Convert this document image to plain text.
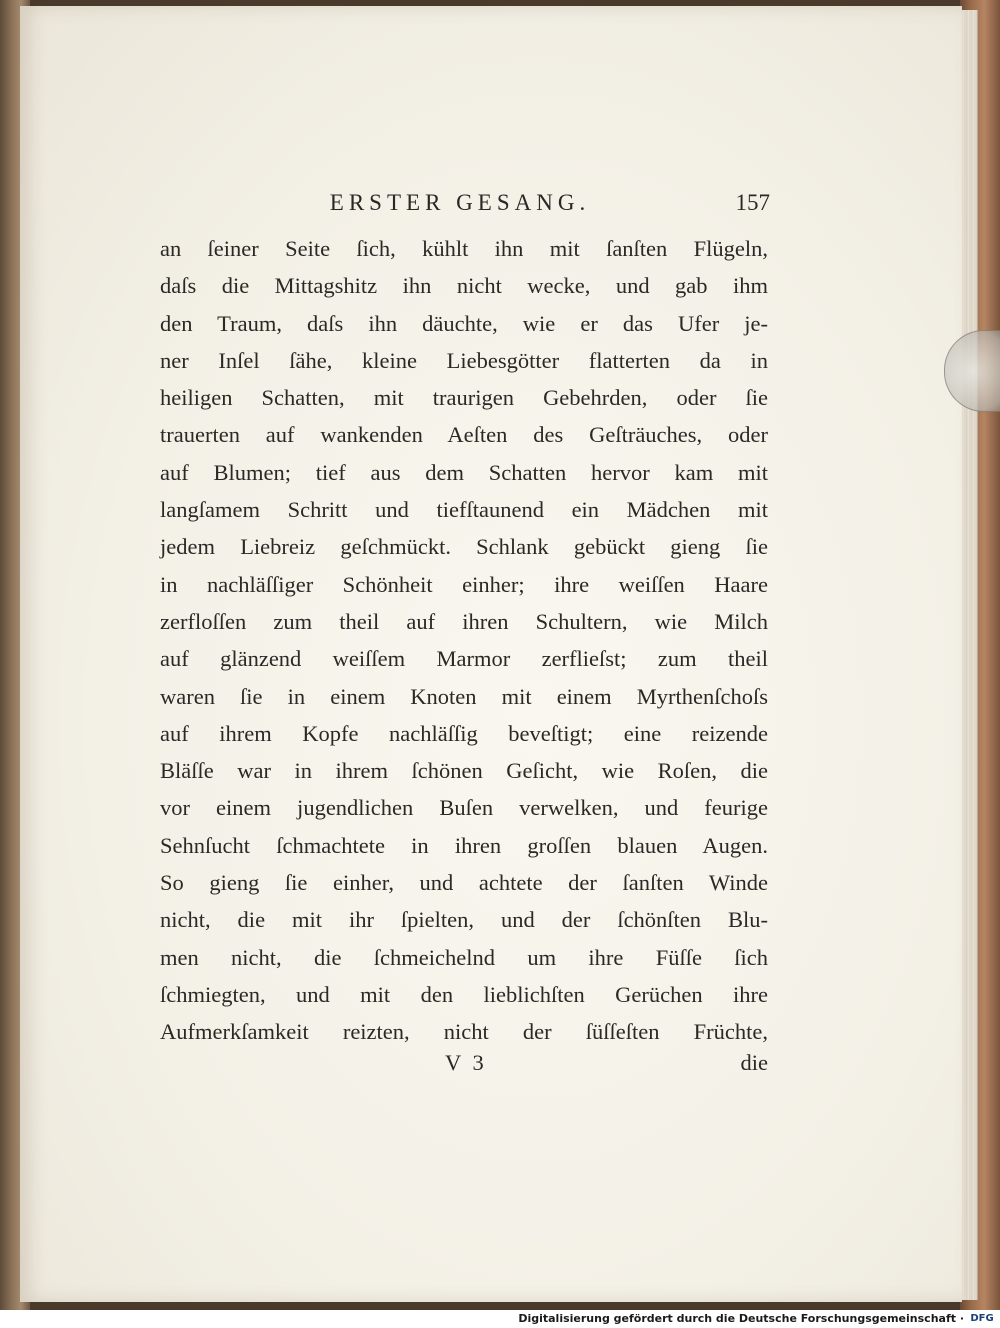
ERSTER GESANG.	157
an ſeiner Seite ſich, kühlt ihn mit ſanſten Flügeln,
daſs die Mittagshitz ihn nicht wecke, und gab ihm
den Traum, daſs ihn däuchte, wie er das Ufer je-
ner Inſel ſähe, kleine Liebesgötter flatterten da in
heiligen Schatten, mit traurigen Gebehrden, oder ſie
trauerten auf wankenden Aeſten des Geſträuches, oder
auf Blumen; tief aus dem Schatten hervor kam mit
langſamem Schritt und tiefſtaunend ein Mädchen mit
jedem Liebreiz geſchmückt. Schlank gebückt gieng ſie
in nachläſſiger Schönheit einher; ihre weiſſen Haare
zerfloſſen zum theil auf ihren Schultern, wie Milch
auf glänzend weiſſem Marmor zerflieſst; zum theil
waren ſie in einem Knoten mit einem Myrthenſchoſs
auf ihrem Kopfe nachläſſig beveſtigt; eine reizende
Bläſſe war in ihrem ſchönen Geſicht, wie Roſen, die
vor einem jugendlichen Buſen verwelken, und feurige
Sehnſucht ſchmachtete in ihren groſſen blauen Augen.
So gieng ſie einher, und achtete der ſanſten Winde
nicht, die mit ihr ſpielten, und der ſchönſten Blu-
men nicht, die ſchmeichelnd um ihre Füſſe ſich
ſchmiegten, und mit den lieblichſten Gerüchen ihre
Aufmerkſamkeit reizten, nicht der ſüſſeſten Früchte,
V 3	die
Digitalisierung gefördert durch die Deutsche Forschungsgemeinschaft · DFG
